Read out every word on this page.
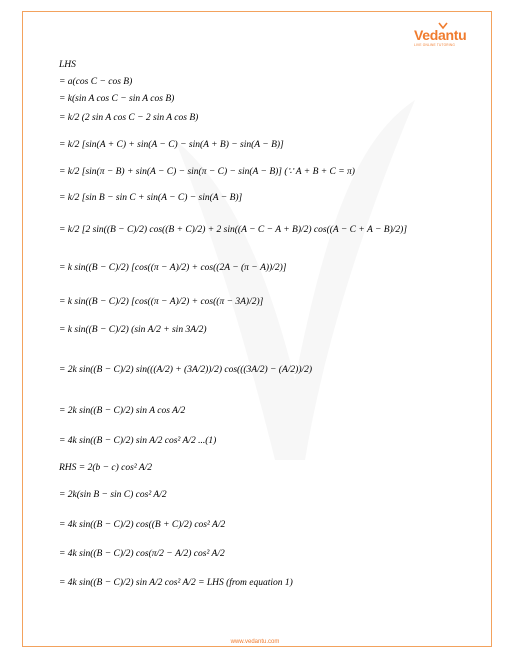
Vedantu
LIVE ONLINE TUTORING
LHS
= a(cos C − cos B)
= k(sin A cos C − sin A cos B)
= k/2 (2 sin A cos C − 2 sin A cos B)
= k/2 [sin(A + C) + sin(A − C) − sin(A + B) − sin(A − B)]
= k/2 [sin(π − B) + sin(A − C) − sin(π − C) − sin(A − B)] (∵ A + B + C = π)
= k/2 [sin B − sin C + sin(A − C) − sin(A − B)]
= k/2 [2 sin((B − C)/2) cos((B + C)/2) + 2 sin((A − C − A + B)/2) cos((A − C + A − B)/2)]
= k sin((B − C)/2) [cos((π − A)/2) + cos((2A − (π − A))/2)]
= k sin((B − C)/2) [cos((π − A)/2) + cos((π − 3A)/2)]
= k sin((B − C)/2) (sin A/2 + sin 3A/2)
= 2k sin((B − C)/2) sin(((A/2) + (3A/2))/2) cos(((3A/2) − (A/2))/2)
= 2k sin((B − C)/2) sin A cos A/2
= 4k sin((B − C)/2) sin A/2 cos² A/2 ...(1)
RHS = 2(b − c) cos² A/2
= 2k(sin B − sin C) cos² A/2
= 4k sin((B − C)/2) cos((B + C)/2) cos² A/2
= 4k sin((B − C)/2) cos(π/2 − A/2) cos² A/2
= 4k sin((B − C)/2) sin A/2 cos² A/2 = LHS (from equation 1)
www.vedantu.com
